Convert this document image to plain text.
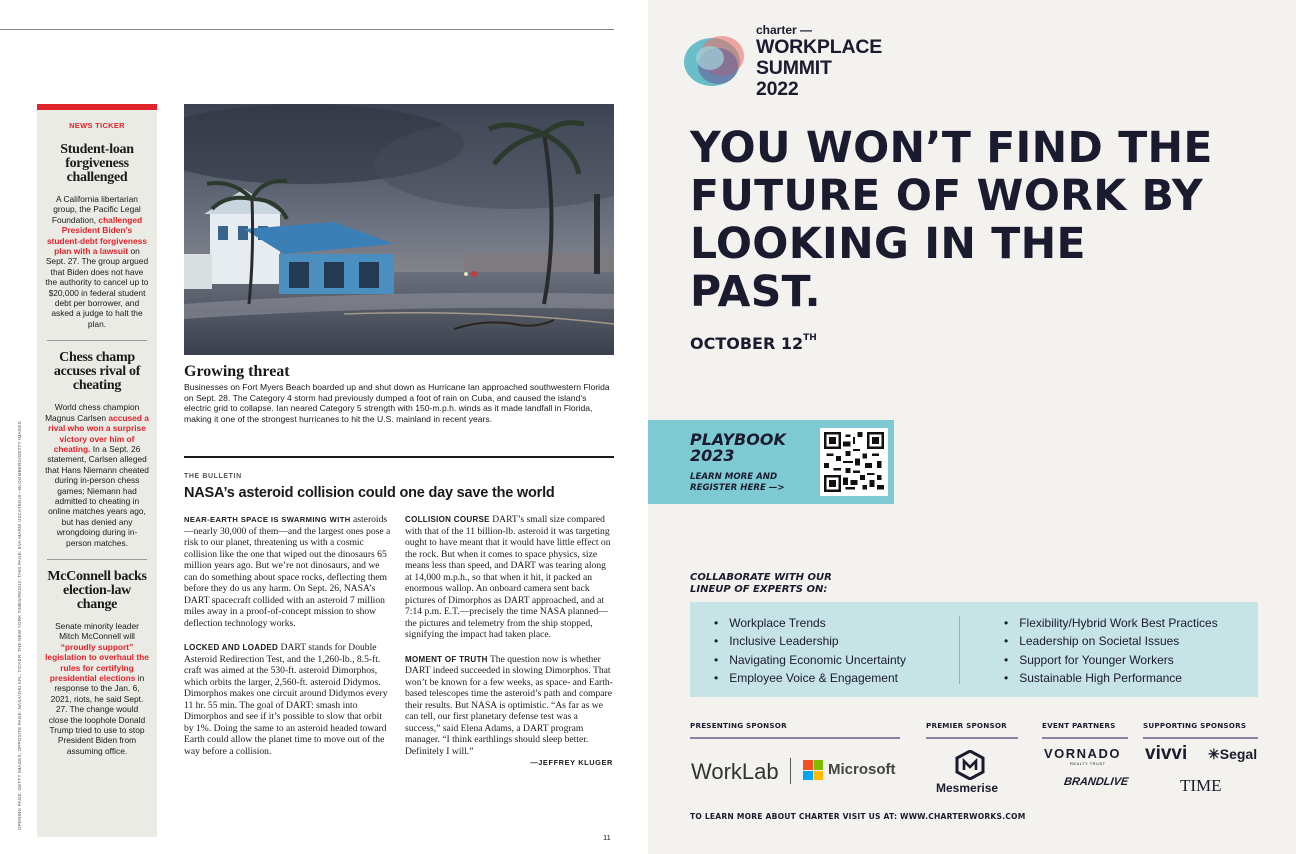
OPENING PAGE: GETTY IMAGES; OPPOSITE PAGE: NASA/JHU APL; TICKER: THE NEW YORK TIMES/REDUX; THIS PAGE: EVA MARIE UZCATEGUI—BLOOMBERG/GETTY IMAGES
NEWS TICKER
Student-loan forgiveness challenged
A California libertarian group, the Pacific Legal Foundation, challenged President Biden’s student-debt forgiveness plan with a lawsuit on Sept. 27. The group argued that Biden does not have the authority to cancel up to $20,000 in federal student debt per borrower, and asked a judge to halt the plan.
Chess champ accuses rival of cheating
World chess champion Magnus Carlsen accused a rival who won a surprise victory over him of cheating. In a Sept. 26 statement, Carlsen alleged that Hans Niemann cheated during in-person chess games; Niemann had admitted to cheating in online matches years ago, but has denied any wrongdoing during in-person matches.
McConnell backs election-law change
Senate minority leader Mitch McConnell will “proudly support” legislation to overhaul the rules for certifying presidential elections in response to the Jan. 6, 2021, riots, he said Sept. 27. The change would close the loophole Donald Trump tried to use to stop President Biden from assuming office.
Growing threat
Businesses on Fort Myers Beach boarded up and shut down as Hurricane Ian approached southwestern Florida on Sept. 28. The Category 4 storm had previously dumped a foot of rain on Cuba, and caused the island’s electric grid to collapse. Ian neared Category 5 strength with 150-m.p.h. winds as it made landfall in Florida, making it one of the strongest hurricanes to hit the U.S. mainland in recent years.
THE BULLETIN
NASA’s asteroid collision could one day save the world

NEAR-EARTH SPACE IS SWARMING WITH asteroids—nearly 30,000 of them—and the largest ones pose a risk to our planet, threatening us with a cosmic collision like the one that wiped out the dinosaurs 65 million years ago. But we’re not dinosaurs, and we can do something about space rocks, deflecting them before they do us any harm. On Sept. 26, NASA’s DART spacecraft collided with an asteroid 7 million miles away in a proof-of-concept mission to show deflection technology works.

LOCKED AND LOADED DART stands for Double Asteroid Redirection Test, and the 1,260-lb., 8.5-ft. craft was aimed at the 530-ft. asteroid Dimorphos, which orbits the larger, 2,560-ft. asteroid Didymos. Dimorphos makes one circuit around Didymos every 11 hr. 55 min. The goal of DART: smash into Dimorphos and see if it’s possible to slow that orbit by 1%. Doing the same to an asteroid headed toward Earth could allow the planet time to move out of the way before a collision.

COLLISION COURSE DART’s small size compared with that of the 11 billion-lb. asteroid it was targeting ought to have meant that it would have little effect on the rock. But when it comes to space physics, size means less than speed, and DART was tearing along at 14,000 m.p.h., so that when it hit, it packed an enormous wallop. An onboard camera sent back pictures of Dimorphos as DART approached, and at 7:14 p.m. E.T.—precisely the time NASA planned—the pictures and telemetry from the ship stopped, signifying the impact had taken place.

MOMENT OF TRUTH The question now is whether DART indeed succeeded in slowing Dimorphos. That won’t be known for a few weeks, as space- and Earth-based telescopes time the asteroid’s path and compare their results. But NASA is optimistic. “As far as we can tell, our first planetary defense test was a success,” said Elena Adams, a DART program manager. “I think earthlings should sleep better. Definitely I will.”

—JEFFREY KLUGER
11
charter —
WORKPLACE
SUMMIT
2022
YOU WON’T FIND THE FUTURE OF WORK BY LOOKING IN THE PAST.
OCTOBER 12TH
PLAYBOOK
2023
LEARN MORE AND
REGISTER HERE —>
COLLABORATE WITH OUR
LINEUP OF EXPERTS ON:
• Workplace Trends
• Inclusive Leadership
• Navigating Economic Uncertainty
• Employee Voice & Engagement
• Flexibility/Hybrid Work Best Practices
• Leadership on Societal Issues
• Support for Younger Workers
• Sustainable High Performance
PRESENTING SPONSOR	PREMIER SPONSOR	EVENT PARTNERS	SUPPORTING SPONSORS
WorkLab	Microsoft
Mesmerise
VORNADO
REALTY TRUST
BRANDLIVE
vivvi ✳Segal
TIME
TO LEARN MORE ABOUT CHARTER VISIT US AT: WWW.CHARTERWORKS.COM
